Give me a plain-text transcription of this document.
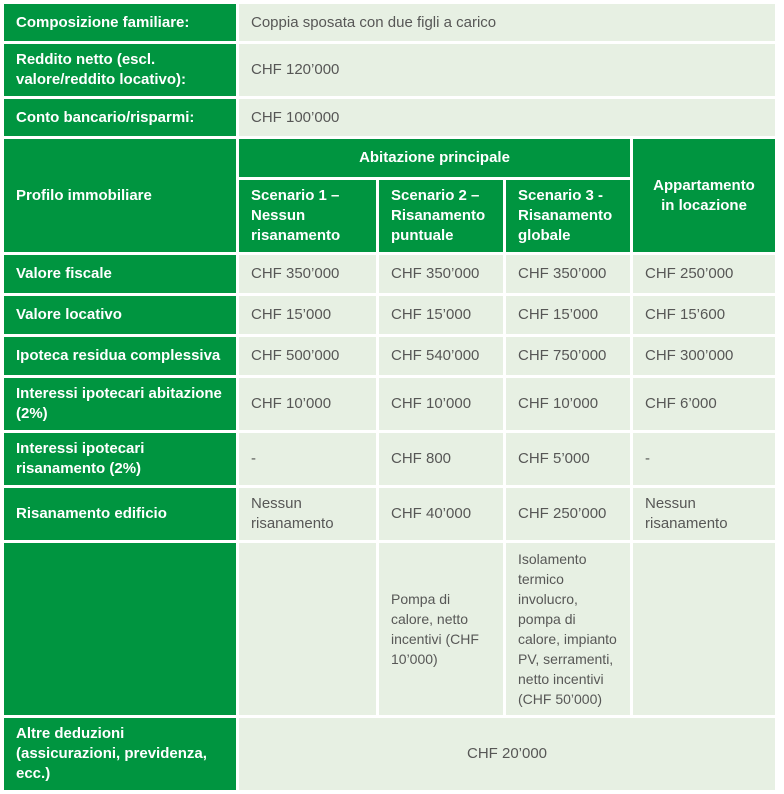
Composizione familiare:	Coppia sposata con due figli a carico			
Reddito netto (escl. valore/reddito locativo):	CHF 120’000			
Conto bancario/risparmi:	CHF 100’000			
Profilo immobiliare	Abitazione principale			Appartamento in locazione
	Scenario 1 – Nessun risanamento	Scenario 2 – Risanamento puntuale	Scenario 3 - Risanamento globale	
Valore fiscale	CHF 350’000	CHF 350’000	CHF 350’000	CHF 250’000
Valore locativo	CHF 15’000	CHF 15’000	CHF 15’000	CHF 15’600
Ipoteca residua complessiva	CHF 500’000	CHF 540’000	CHF 750’000	CHF 300’000
Interessi ipotecari abitazione (2%)	CHF 10’000	CHF 10’000	CHF 10’000	CHF 6’000
Interessi ipotecari risanamento (2%)	-	CHF 800	CHF 5’000	-
Risanamento edificio	Nessun risanamento	CHF 40’000	CHF 250’000	Nessun risanamento
		Pompa di calore, netto incentivi (CHF 10’000)	Isolamento termico involucro, pompa di calore, impianto PV, serramenti, netto incentivi (CHF 50’000)	
Altre deduzioni (assicurazioni, previdenza, ecc.)	CHF 20’000			
